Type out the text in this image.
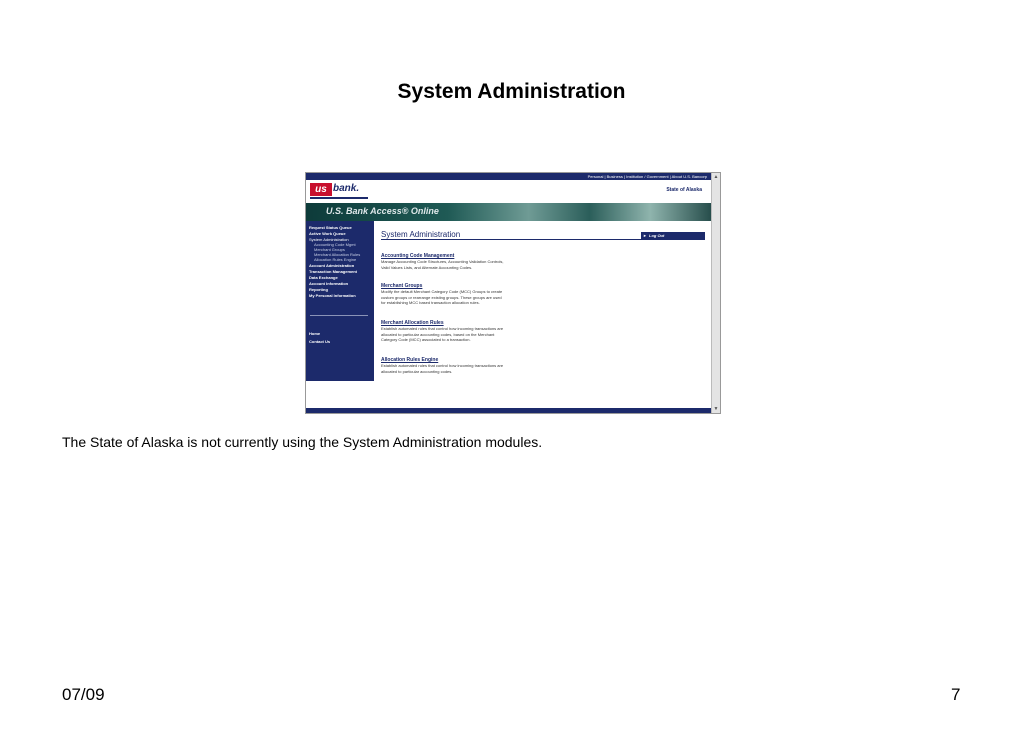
System Administration
Personal | Business | Institution / Government | About U.S. Bancorp
us bank.	State of Alaska
U.S. Bank Access® Online
Request Status Queue
Active Work Queue
System Administration
Accounting Code Mgmt
Merchant Groups
Merchant Allocation Rules
Allocation Rules Engine
Account Administration
Transaction Management
Data Exchange
Account Information
Reporting
My Personal Information
Home
Contact Us
System Administration	► Log Out
Accounting Code Management
Manage Accounting Code Structures, Accounting Validation Controls, Valid Values Lists, and Alternate Accounting Codes.
Merchant Groups
Modify the default Merchant Category Code (MCC) Groups to create custom groups or rearrange existing groups. These groups are used for establishing MCC based transaction allocation rules.
Merchant Allocation Rules
Establish automated rules that control how incoming transactions are allocated to particular accounting codes, based on the Merchant Category Code (MCC) associated to a transaction.
Allocation Rules Engine
Establish automated rules that control how incoming transactions are allocated to particular accounting codes.
▲
▼
The State of Alaska is not currently using the System Administration modules.
07/09	7
